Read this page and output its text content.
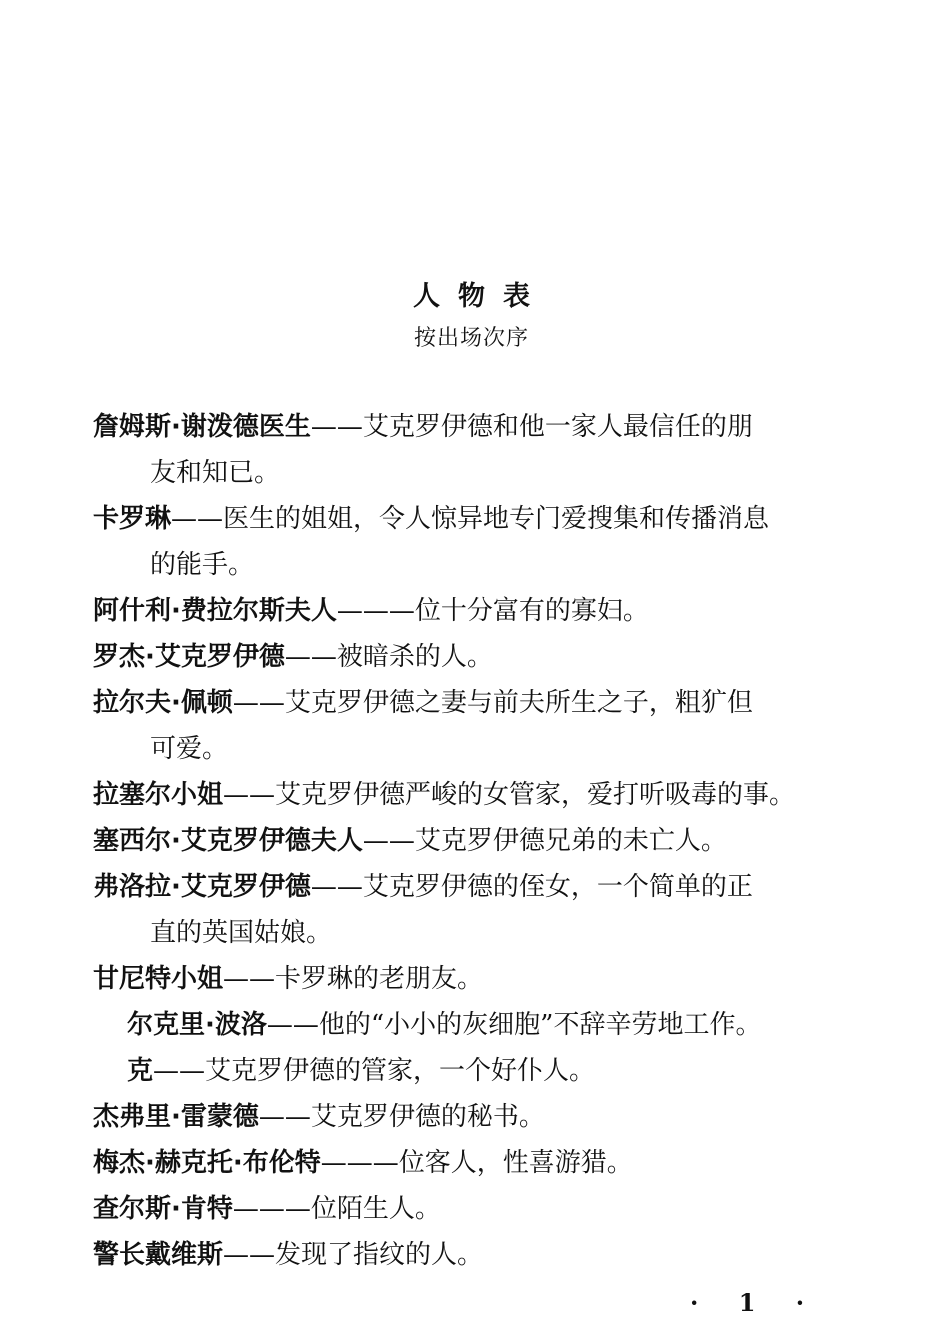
人物表
按出场次序

詹姆斯·谢泼德医生——艾克罗伊德和他一家人最信任的朋

友和知已。

卡罗琳——医生的姐姐，令人惊异地专门爱搜集和传播消息

的能手。

阿什利·费拉尔斯夫人———位十分富有的寡妇。

罗杰·艾克罗伊德——被暗杀的人。

拉尔夫·佩顿——艾克罗伊德之妻与前夫所生之子，粗犷但

可爱。

拉塞尔小姐——艾克罗伊德严峻的女管家，爱打听吸毒的事。

塞西尔·艾克罗伊德夫人——艾克罗伊德兄弟的未亡人。

弗洛拉·艾克罗伊德——艾克罗伊德的侄女，一个简单的正

直的英国姑娘。

甘尼特小姐——卡罗琳的老朋友。

尔克里·波洛——他的“小小的灰细胞”不辞辛劳地工作。

克——艾克罗伊德的管家，一个好仆人。

杰弗里·雷蒙德——艾克罗伊德的秘书。

梅杰·赫克托·布伦特———位客人，性喜游猎。

查尔斯·肯特———位陌生人。

警长戴维斯——发现了指纹的人。

· 1 ·
